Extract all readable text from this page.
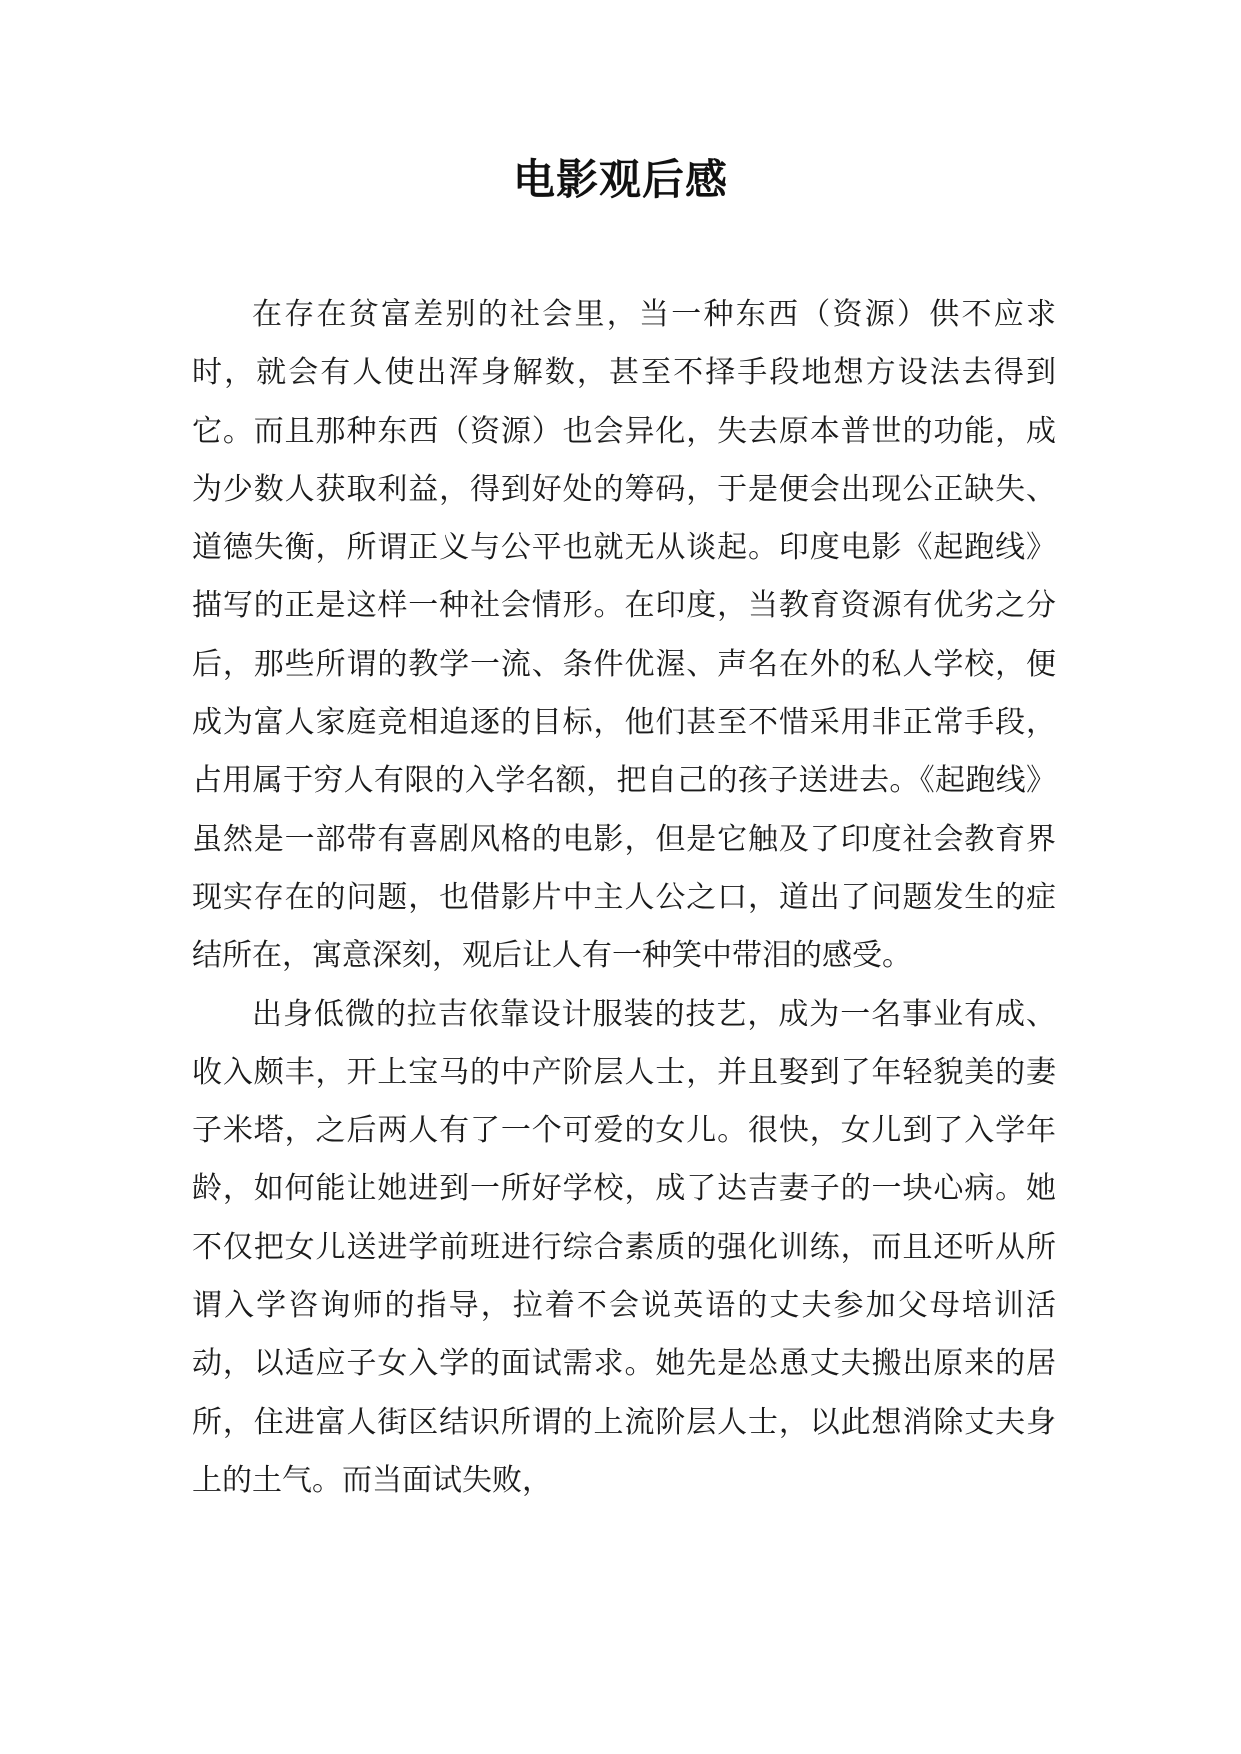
电影观后感

在存在贫富差别的社会里，当一种东西（资源）供不应求时，就会有人使出浑身解数，甚至不择手段地想方设法去得到它。而且那种东西（资源）也会异化，失去原本普世的功能，成为少数人获取利益，得到好处的筹码，于是便会出现公正缺失、道德失衡，所谓正义与公平也就无从谈起。印度电影《起跑线》描写的正是这样一种社会情形。在印度，当教育资源有优劣之分后，那些所谓的教学一流、条件优渥、声名在外的私人学校，便成为富人家庭竞相追逐的目标，他们甚至不惜采用非正常手段，占用属于穷人有限的入学名额，把自己的孩子送进去。《起跑线》虽然是一部带有喜剧风格的电影，但是它触及了印度社会教育界现实存在的问题，也借影片中主人公之口，道出了问题发生的症结所在，寓意深刻，观后让人有一种笑中带泪的感受。

出身低微的拉吉依靠设计服装的技艺，成为一名事业有成、收入颇丰，开上宝马的中产阶层人士，并且娶到了年轻貌美的妻子米塔，之后两人有了一个可爱的女儿。很快，女儿到了入学年龄，如何能让她进到一所好学校，成了达吉妻子的一块心病。她不仅把女儿送进学前班进行综合素质的强化训练，而且还听从所谓入学咨询师的指导，拉着不会说英语的丈夫参加父母培训活动，以适应子女入学的面试需求。她先是怂恿丈夫搬出原来的居所，住进富人街区结识所谓的上流阶层人士，以此想消除丈夫身上的土气。而当面试失败，
